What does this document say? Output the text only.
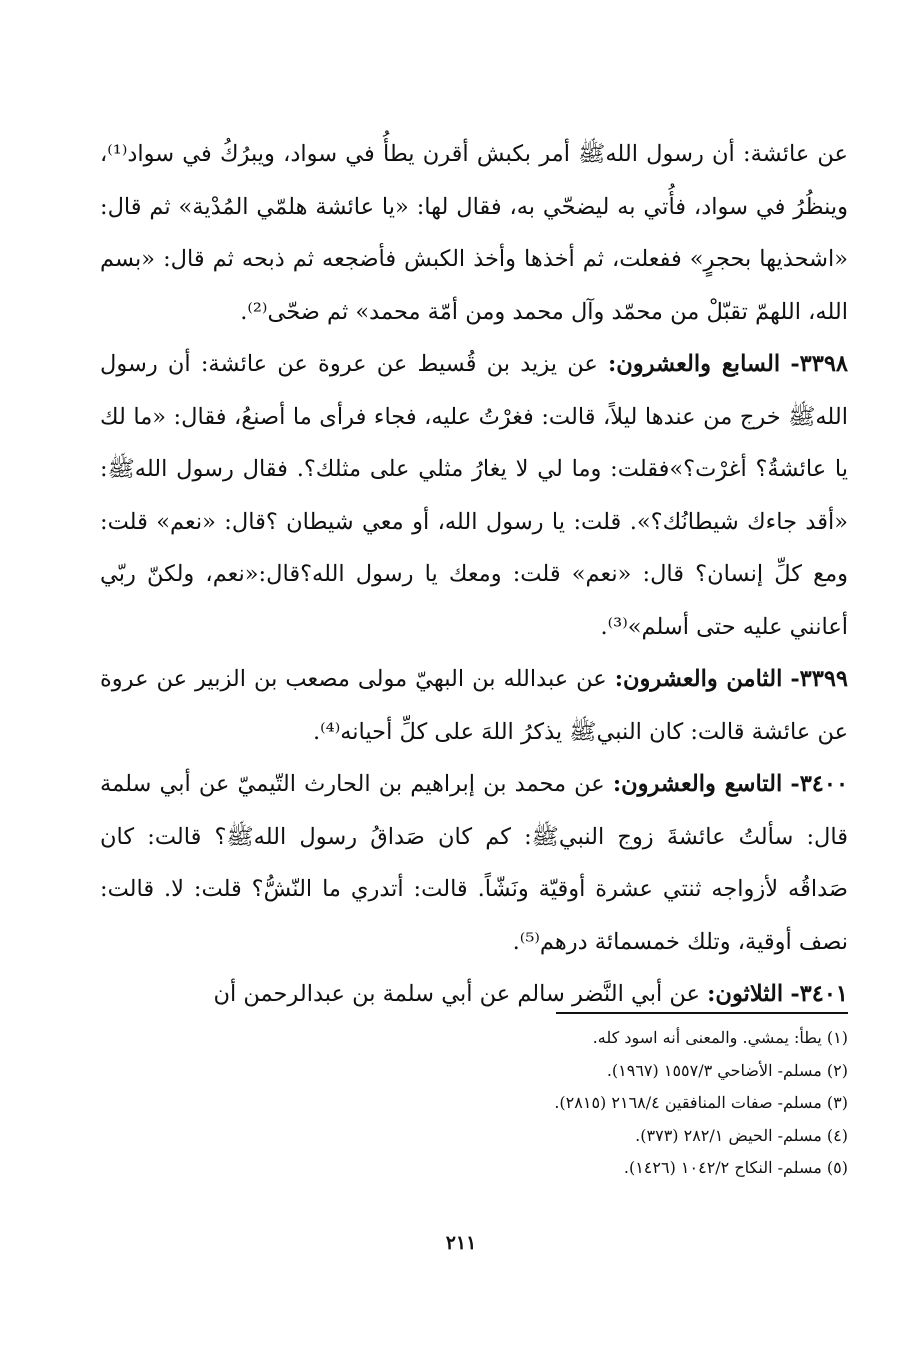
عن عائشة: أن رسول اللهﷺ أمر بكبش أقرن يطأُ في سواد، ويبرُكُ في سواد⁽¹⁾، وينظُرُ في سواد، فأُتي به ليضحّي به، فقال لها: «يا عائشة هلمّي المُدْية» ثم قال: «اشحذيها بحجرٍ» ففعلت، ثم أخذها وأخذ الكبش فأضجعه ثم ذبحه ثم قال: «بسم الله، اللهمّ تقبّلْ من محمّد وآل محمد ومن أمّة محمد» ثم ضحّى⁽²⁾.

٣٣٩٨- السابع والعشرون: عن يزيد بن قُسيط عن عروة عن عائشة: أن رسول اللهﷺ خرج من عندها ليلاً، قالت: فغرْتُ عليه، فجاء فرأى ما أصنعُ، فقال: «ما لك يا عائشةُ؟ أغرْت؟»فقلت: وما لي لا يغارُ مثلي على مثلك؟. فقال رسول اللهﷺ: «أقد جاءك شيطانُك؟». قلت: يا رسول الله، أو معي شيطان ؟قال: «نعم» قلت: ومع كلِّ إنسان؟ قال: «نعم» قلت: ومعك يا رسول الله؟قال:«نعم، ولكنّ ربّي أعانني عليه حتى أسلم»⁽³⁾.

٣٣٩٩- الثامن والعشرون: عن عبدالله بن البهيّ مولى مصعب بن الزبير عن عروة عن عائشة قالت: كان النبيﷺ يذكرُ اللهَ على كلِّ أحيانه⁽⁴⁾.

٣٤٠٠- التاسع والعشرون: عن محمد بن إبراهيم بن الحارث التّيميّ عن أبي سلمة قال: سألتُ عائشةَ زوج النبيﷺ: كم كان صَداقُ رسول اللهﷺ؟ قالت: كان صَداقُه لأزواجه ثنتي عشرة أوقيّة ونَشّاً. قالت: أتدري ما النّشُّ؟ قلت: لا. قالت: نصف أوقية، وتلك خمسمائة درهم⁽⁵⁾.

٣٤٠١- الثلاثون: عن أبي النَّضر سالم عن أبي سلمة بن عبدالرحمن أن

(١) يطأ: يمشي. والمعنى أنه اسود كله.

(٢) مسلم- الأضاحي ١٥٥٧/٣ (١٩٦٧).

(٣) مسلم- صفات المنافقين ٢١٦٨/٤ (٢٨١٥).

(٤) مسلم- الحيض ٢٨٢/١ (٣٧٣).

(٥) مسلم- النكاح ١٠٤٢/٢ (١٤٢٦).

٢١١
